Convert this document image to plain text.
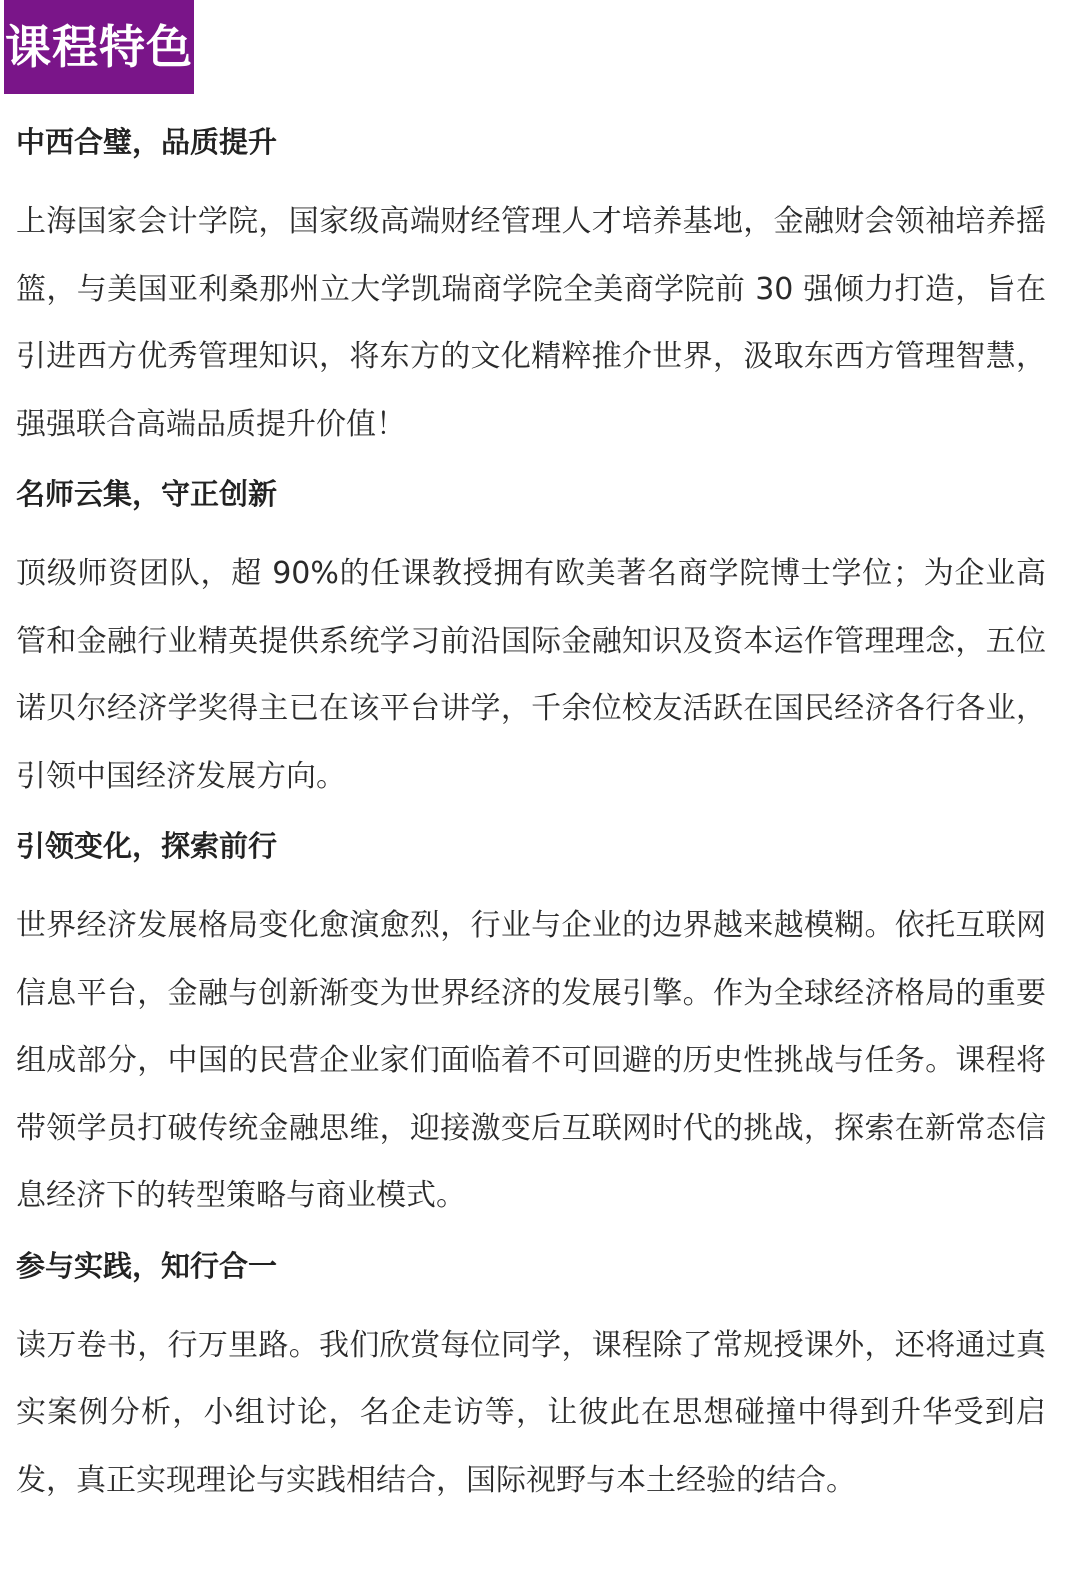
课程特色
中西合璧，品质提升

上海国家会计学院，国家级高端财经管理人才培养基地，金融财会领袖培养摇篮，与美国亚利桑那州立大学凯瑞商学院全美商学院前 30 强倾力打造，旨在引进西方优秀管理知识，将东方的文化精粹推介世界，汲取东西方管理智慧，强强联合高端品质提升价值！

名师云集，守正创新

顶级师资团队，超 90%的任课教授拥有欧美著名商学院博士学位；为企业高管和金融行业精英提供系统学习前沿国际金融知识及资本运作管理理念，五位诺贝尔经济学奖得主已在该平台讲学，千余位校友活跃在国民经济各行各业，引领中国经济发展方向。

引领变化，探索前行

世界经济发展格局变化愈演愈烈，行业与企业的边界越来越模糊。依托互联网信息平台，金融与创新渐变为世界经济的发展引擎。作为全球经济格局的重要组成部分，中国的民营企业家们面临着不可回避的历史性挑战与任务。课程将带领学员打破传统金融思维，迎接激变后互联网时代的挑战，探索在新常态信息经济下的转型策略与商业模式。

参与实践，知行合一

读万卷书，行万里路。我们欣赏每位同学，课程除了常规授课外，还将通过真实案例分析，小组讨论，名企走访等，让彼此在思想碰撞中得到升华受到启发，真正实现理论与实践相结合，国际视野与本土经验的结合。
